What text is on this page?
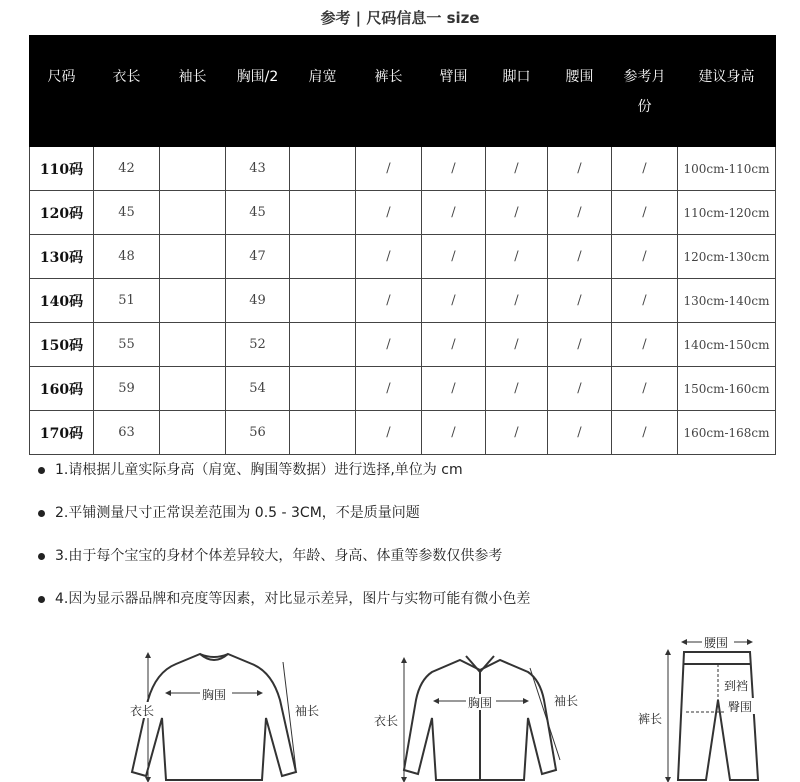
参考 | 尺码信息一 size
尺码	衣长	袖长	胸围/2	肩宽	裤长	臂围	脚口	腰围	参考月份	建议身高
110码	42		43		/	/	/	/	/	100cm-110cm
120码	45		45		/	/	/	/	/	110cm-120cm
130码	48		47		/	/	/	/	/	120cm-130cm
140码	51		49		/	/	/	/	/	130cm-140cm
150码	55		52		/	/	/	/	/	140cm-150cm
160码	59		54		/	/	/	/	/	150cm-160cm
170码	63		56		/	/	/	/	/	160cm-168cm
1.请根据儿童实际身高（肩宽、胸围等数据）进行选择,单位为 cm
2.平铺测量尺寸正常误差范围为 0.5 - 3CM，不是质量问题
3.由于每个宝宝的身材个体差异较大，年龄、身高、体重等参数仅供参考
4.因为显示器品牌和亮度等因素，对比显示差异，图片与实物可能有微小色差
衣长
胸围
袖长
衣长
胸围	袖长
腰围
裤长
到裆
臀围
